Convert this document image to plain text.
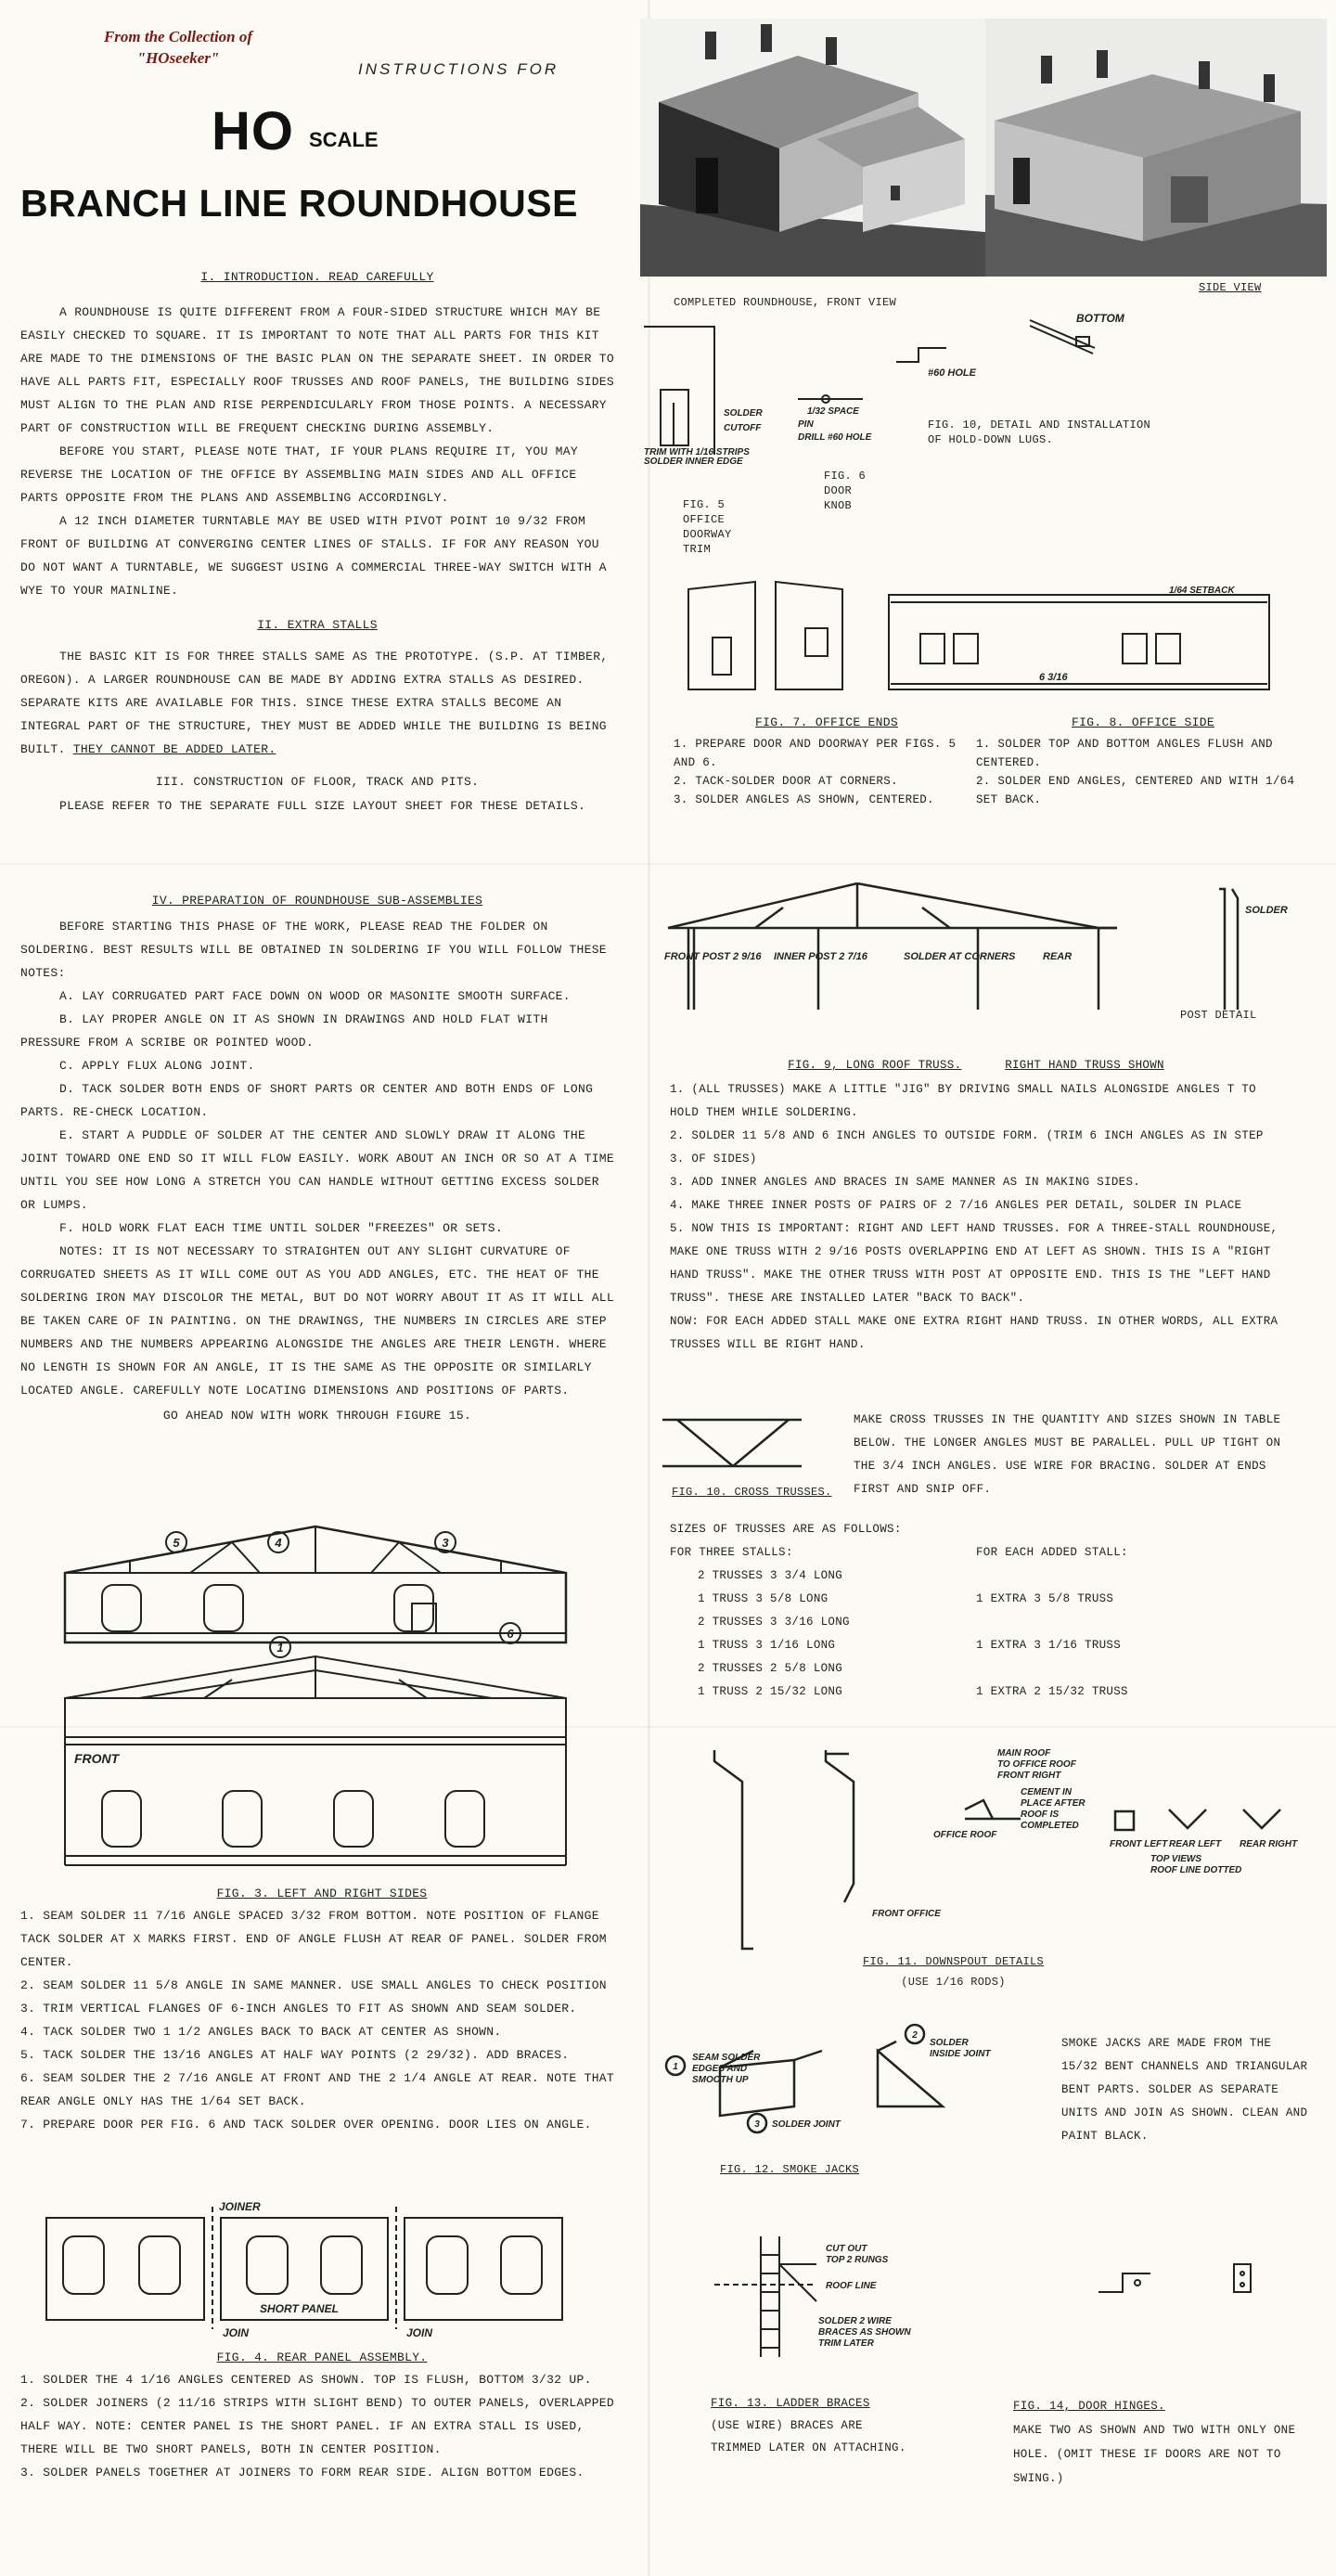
From the Collection of
"HOseeker"
INSTRUCTIONS FOR
HO SCALE
BRANCH LINE ROUNDHOUSE
I. INTRODUCTION. READ CAREFULLY

A ROUNDHOUSE IS QUITE DIFFERENT FROM A FOUR-SIDED STRUCTURE WHICH MAY BE EASILY CHECKED TO SQUARE. IT IS IMPORTANT TO NOTE THAT ALL PARTS FOR THIS KIT ARE MADE TO THE DIMENSIONS OF THE BASIC PLAN ON THE SEPARATE SHEET. IN ORDER TO HAVE ALL PARTS FIT, ESPECIALLY ROOF TRUSSES AND ROOF PANELS, THE BUILDING SIDES MUST ALIGN TO THE PLAN AND RISE PERPENDICULARLY FROM THOSE POINTS. A NECESSARY PART OF CONSTRUCTION WILL BE FREQUENT CHECKING DURING ASSEMBLY.

BEFORE YOU START, PLEASE NOTE THAT, IF YOUR PLANS REQUIRE IT, YOU MAY REVERSE THE LOCATION OF THE OFFICE BY ASSEMBLING MAIN SIDES AND ALL OFFICE PARTS OPPOSITE FROM THE PLANS AND ASSEMBLING ACCORDINGLY.

A 12 INCH DIAMETER TURNTABLE MAY BE USED WITH PIVOT POINT 10 9/32 FROM FRONT OF BUILDING AT CONVERGING CENTER LINES OF STALLS. IF FOR ANY REASON YOU DO NOT WANT A TURNTABLE, WE SUGGEST USING A COMMERCIAL THREE-WAY SWITCH WITH A WYE TO YOUR MAINLINE.

II. EXTRA STALLS

THE BASIC KIT IS FOR THREE STALLS SAME AS THE PROTOTYPE. (S.P. AT TIMBER, OREGON). A LARGER ROUNDHOUSE CAN BE MADE BY ADDING EXTRA STALLS AS DESIRED. SEPARATE KITS ARE AVAILABLE FOR THIS. SINCE THESE EXTRA STALLS BECOME AN INTEGRAL PART OF THE STRUCTURE, THEY MUST BE ADDED WHILE THE BUILDING IS BEING BUILT. THEY CANNOT BE ADDED LATER.

III. CONSTRUCTION OF FLOOR, TRACK AND PITS.

PLEASE REFER TO THE SEPARATE FULL SIZE LAYOUT SHEET FOR THESE DETAILS.

IV. PREPARATION OF ROUNDHOUSE SUB-ASSEMBLIES

BEFORE STARTING THIS PHASE OF THE WORK, PLEASE READ THE FOLDER ON SOLDERING. BEST RESULTS WILL BE OBTAINED IN SOLDERING IF YOU WILL FOLLOW THESE NOTES:

A. LAY CORRUGATED PART FACE DOWN ON WOOD OR MASONITE SMOOTH SURFACE.

B. LAY PROPER ANGLE ON IT AS SHOWN IN DRAWINGS AND HOLD FLAT WITH PRESSURE FROM A SCRIBE OR POINTED WOOD.

C. APPLY FLUX ALONG JOINT.

D. TACK SOLDER BOTH ENDS OF SHORT PARTS OR CENTER AND BOTH ENDS OF LONG PARTS. RE-CHECK LOCATION.

E. START A PUDDLE OF SOLDER AT THE CENTER AND SLOWLY DRAW IT ALONG THE JOINT TOWARD ONE END SO IT WILL FLOW EASILY. WORK ABOUT AN INCH OR SO AT A TIME UNTIL YOU SEE HOW LONG A STRETCH YOU CAN HANDLE WITHOUT GETTING EXCESS SOLDER OR LUMPS.

F. HOLD WORK FLAT EACH TIME UNTIL SOLDER "FREEZES" OR SETS.

NOTES: IT IS NOT NECESSARY TO STRAIGHTEN OUT ANY SLIGHT CURVATURE OF CORRUGATED SHEETS AS IT WILL COME OUT AS YOU ADD ANGLES, ETC. THE HEAT OF THE SOLDERING IRON MAY DISCOLOR THE METAL, BUT DO NOT WORRY ABOUT IT AS IT WILL ALL BE TAKEN CARE OF IN PAINTING. ON THE DRAWINGS, THE NUMBERS IN CIRCLES ARE STEP NUMBERS AND THE NUMBERS APPEARING ALONGSIDE THE ANGLES ARE THEIR LENGTH. WHERE NO LENGTH IS SHOWN FOR AN ANGLE, IT IS THE SAME AS THE OPPOSITE OR SIMILARLY LOCATED ANGLE. CAREFULLY NOTE LOCATING DIMENSIONS AND POSITIONS OF PARTS.

GO AHEAD NOW WITH WORK THROUGH FIGURE 15.
5	4	3
1
6
FRONT
FIG. 3. LEFT AND RIGHT SIDES
1. SEAM SOLDER 11 7/16 ANGLE SPACED 3/32 FROM BOTTOM. NOTE POSITION OF FLANGE TACK SOLDER AT X MARKS FIRST. END OF ANGLE FLUSH AT REAR OF PANEL. SOLDER FROM CENTER.
2. SEAM SOLDER 11 5/8 ANGLE IN SAME MANNER. USE SMALL ANGLES TO CHECK POSITION
3. TRIM VERTICAL FLANGES OF 6-INCH ANGLES TO FIT AS SHOWN AND SEAM SOLDER.
4. TACK SOLDER TWO 1 1/2 ANGLES BACK TO BACK AT CENTER AS SHOWN.
5. TACK SOLDER THE 13/16 ANGLES AT HALF WAY POINTS (2 29/32). ADD BRACES.
6. SEAM SOLDER THE 2 7/16 ANGLE AT FRONT AND THE 2 1/4 ANGLE AT REAR. NOTE THAT REAR ANGLE ONLY HAS THE 1/64 SET BACK.
7. PREPARE DOOR PER FIG. 6 AND TACK SOLDER OVER OPENING. DOOR LIES ON ANGLE.
JOINER
SHORT PANEL
JOIN	JOIN
FIG. 4. REAR PANEL ASSEMBLY.
1. SOLDER THE 4 1/16 ANGLES CENTERED AS SHOWN. TOP IS FLUSH, BOTTOM 3/32 UP.
2. SOLDER JOINERS (2 11/16 STRIPS WITH SLIGHT BEND) TO OUTER PANELS, OVERLAPPED HALF WAY. NOTE: CENTER PANEL IS THE SHORT PANEL. IF AN EXTRA STALL IS USED, THERE WILL BE TWO SHORT PANELS, BOTH IN CENTER POSITION.
3. SOLDER PANELS TOGETHER AT JOINERS TO FORM REAR SIDE. ALIGN BOTTOM EDGES.
COMPLETED ROUNDHOUSE, FRONT VIEW
SIDE VIEW
SOLDER
CUTOFF
TRIM WITH 1/16 STRIPS
SOLDER INNER EDGE
1/32 SPACE
PIN
DRILL #60 HOLE
FIG. 5
OFFICE
DOORWAY
TRIM
FIG. 6
DOOR
KNOB
BOTTOM
#60 HOLE
FIG. 10, DETAIL AND INSTALLATION
OF HOLD-DOWN LUGS.
1/64 SETBACK
6 3/16
FIG. 7. OFFICE ENDS
1. PREPARE DOOR AND DOORWAY PER FIGS. 5 AND 6.
2. TACK-SOLDER DOOR AT CORNERS.
3. SOLDER ANGLES AS SHOWN, CENTERED.
FIG. 8. OFFICE SIDE
1. SOLDER TOP AND BOTTOM ANGLES FLUSH AND CENTERED.
2. SOLDER END ANGLES, CENTERED AND WITH 1/64 SET BACK.
FRONT POST 2 9/16 INNER POST 2 7/16	SOLDER AT CORNERS	REAR
SOLDER
POST DETAIL
FIG. 9, LONG ROOF TRUSS.	RIGHT HAND TRUSS SHOWN
1. (ALL TRUSSES) MAKE A LITTLE "JIG" BY DRIVING SMALL NAILS ALONGSIDE ANGLES T TO HOLD THEM WHILE SOLDERING.
2. SOLDER 11 5/8 AND 6 INCH ANGLES TO OUTSIDE FORM. (TRIM 6 INCH ANGLES AS IN STEP 3. OF SIDES)
3. ADD INNER ANGLES AND BRACES IN SAME MANNER AS IN MAKING SIDES.
4. MAKE THREE INNER POSTS OF PAIRS OF 2 7/16 ANGLES PER DETAIL, SOLDER IN PLACE
5. NOW THIS IS IMPORTANT: RIGHT AND LEFT HAND TRUSSES. FOR A THREE-STALL ROUNDHOUSE, MAKE ONE TRUSS WITH 2 9/16 POSTS OVERLAPPING END AT LEFT AS SHOWN. THIS IS A "RIGHT HAND TRUSS". MAKE THE OTHER TRUSS WITH POST AT OPPOSITE END. THIS IS THE "LEFT HAND TRUSS". THESE ARE INSTALLED LATER "BACK TO BACK".
NOW: FOR EACH ADDED STALL MAKE ONE EXTRA RIGHT HAND TRUSS. IN OTHER WORDS, ALL EXTRA TRUSSES WILL BE RIGHT HAND.
FIG. 10. CROSS TRUSSES.
MAKE CROSS TRUSSES IN THE QUANTITY AND SIZES SHOWN IN TABLE BELOW. THE LONGER ANGLES MUST BE PARALLEL. PULL UP TIGHT ON THE 3/4 INCH ANGLES. USE WIRE FOR BRACING. SOLDER AT ENDS FIRST AND SNIP OFF.
SIZES OF TRUSSES ARE AS FOLLOWS:
FOR THREE STALLS:
2 TRUSSES 3 3/4 LONG
1 TRUSS 3 5/8 LONG
2 TRUSSES 3 3/16 LONG
1 TRUSS 3 1/16 LONG
2 TRUSSES 2 5/8 LONG
1 TRUSS 2 15/32 LONG
FOR EACH ADDED STALL:
1 EXTRA 3 5/8 TRUSS
1 EXTRA 3 1/16 TRUSS
1 EXTRA 2 15/32 TRUSS
MAIN ROOF
TO OFFICE ROOF
FRONT RIGHT
CEMENT IN
PLACE AFTER
ROOF IS
COMPLETED
OFFICE ROOF
FRONT OFFICE
FRONT LEFT REAR LEFT REAR RIGHT
TOP VIEWS
ROOF LINE DOTTED
FIG. 11. DOWNSPOUT DETAILS
(USE 1/16 RODS)
1
3
2
SEAM SOLDER
EDGES AND
SMOOTH UP
SOLDER
INSIDE JOINT
SOLDER JOINT
FIG. 12. SMOKE JACKS
SMOKE JACKS ARE MADE FROM THE 15/32 BENT CHANNELS AND TRIANGULAR BENT PARTS. SOLDER AS SEPARATE UNITS AND JOIN AS SHOWN. CLEAN AND PAINT BLACK.
CUT OUT
TOP 2 RUNGS
ROOF LINE
SOLDER 2 WIRE
BRACES AS SHOWN
TRIM LATER
FIG. 13. LADDER BRACES
(USE WIRE) BRACES ARE
TRIMMED LATER ON ATTACHING.
FIG. 14, DOOR HINGES.
MAKE TWO AS SHOWN AND TWO WITH ONLY ONE
HOLE. (OMIT THESE IF DOORS ARE NOT TO
SWING.)
